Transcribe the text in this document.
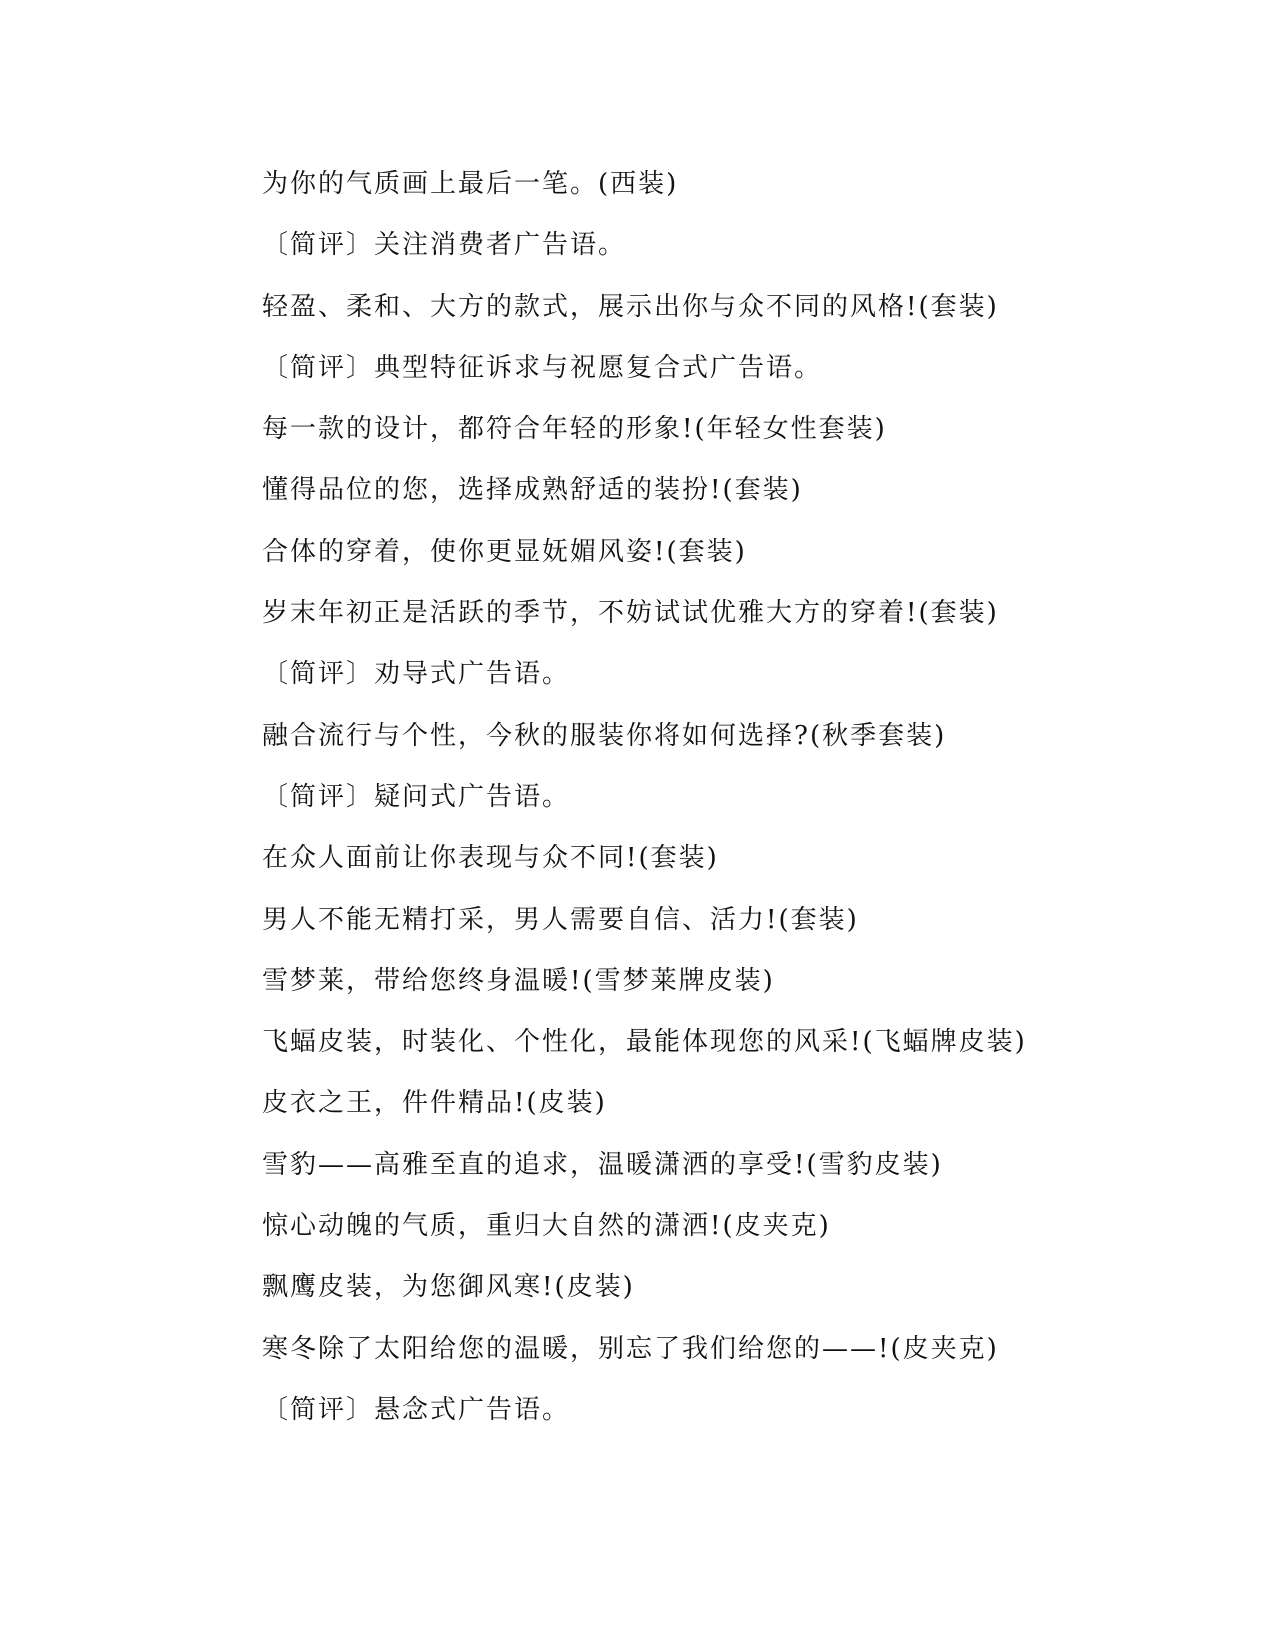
为你的气质画上最后一笔。(西装)
〔简评〕关注消费者广告语。
轻盈、柔和、大方的款式，展示出你与众不同的风格!(套装)
〔简评〕典型特征诉求与祝愿复合式广告语。
每一款的设计，都符合年轻的形象!(年轻女性套装)
懂得品位的您，选择成熟舒适的装扮!(套装)
合体的穿着，使你更显妩媚风姿!(套装)
岁末年初正是活跃的季节，不妨试试优雅大方的穿着!(套装)
〔简评〕劝导式广告语。
融合流行与个性，今秋的服装你将如何选择?(秋季套装)
〔简评〕疑问式广告语。
在众人面前让你表现与众不同!(套装)
男人不能无精打采，男人需要自信、活力!(套装)
雪梦莱，带给您终身温暖!(雪梦莱牌皮装)
飞蝠皮装，时装化、个性化，最能体现您的风采!(飞蝠牌皮装)
皮衣之王，件件精品!(皮装)
雪豹——高雅至直的追求，温暖潇洒的享受!(雪豹皮装)
惊心动魄的气质，重归大自然的潇洒!(皮夹克)
飘鹰皮装，为您御风寒!(皮装)
寒冬除了太阳给您的温暖，别忘了我们给您的——!(皮夹克)
〔简评〕悬念式广告语。
